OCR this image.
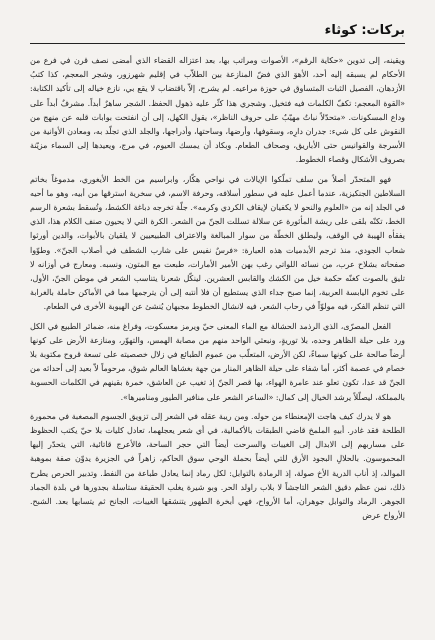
بركات: كوثاء

ويقينه، إلى تدوين «حكاية الرقم»، الأصوات ومراتب بها، بعد اعتزاله القضاء الذي أمضى نصف قرن في فرع من الأحكام لم يسبقه إليه أحد، الأهوَ الذي فضّ المنازعة بين الطلاّب في إقليم شهرزور، وشجر المعجم، كذا كتبُ الأزدهان، الفصيل الثبات المتساوق في حوزة مراعيه. لم يشرح، إلاّ باقتضاب لا يقع بي، نازع خياله إلى تأكيد الكتابة: «القوة المعجم: تكفّ الكلمات فيه فتخيل. وشجري هذا كثّر عليه ذهول الحفظ. الشجر ساهرٌ أبداً. مشرفٌ أبداً على وداع المسكونات. «متحدّلاً نباتٌ مهيّبٌ على حروف الناظر»، يقول الكهل، إلى أن انفتحت بوابات قلبه عن منهج من النقوش على كل شيء: جدران دارِه، وسقوفها، وأرضها، وساحتها، وأدراجها، والجلد الذي تجلّد به، ومعادن الأوانية من الأسرجة والقوانيس حتى الأباريق، وصحاف الطعام. وبكاد أن يمسك العيوم، في مرج، ويعيدها إلى السماء مزيّنة بصروف الأشكال وقصاء الخطوط.

فهو المتحدّر أصلاً من سلف تملّكوا الإيالات في نواحي هكّار، وابراسيم من الخط الأيغوري، مدموغاً بخاتم السلاطين الجنكيزية، عندما أعمل عليه في سطور أسلافه، وحرفة الاسم، في سخرية استرقها من أبيه، وهو ما أحيه في الجلد إنه من «العلوم والنحو لا يكفيان لإيقاف الكردي وكرمه». جلّة تخرجه دباغة الكشط، وتُسقط بشعرة الرسم الخط، تكنّه بلقى على ريشة المأثورة عن سلالة تسللت الجنّ من الشعر. الكرة التي لا يحيون صنف الكلام هذا، الذي يفقأه الهيبة في الوقف، وليطلق الخطّة من سوار المبالغة والاعتراف الطبيعيين لا يلقيان بالأبوات، والدين أورثوا شعاب الجودي، منذ ترجم الأبدميات هذه العبارة: «فرسٌ نفيس على شارب الشطف في أصلاب الجنّ». وطوّوا صفحاته بشلاح عرب، من نسائه اللواتي رغب بهن الأمير الأمارات، طبعت مع المتون، ونسبه. ومعارج في أوزانه لا تليق بالصوت كغنّه حكمة خيل من الكشك والقابس العشرين. لينكّل شعرنا يتناسب الشعر في موطن الجنّ، الأول، على تخوم اليابسة العربية، إنما صبح جداء الذي يستطيع أن فلا أنتبه إلى أن يترجمها مما في الأماكن حاملة بالغرابة التي تنظم الفكر، فيه مولوّاً في رحاب الشعر، فيه لانشال الخطوط مجبهان يُنشئ عن الهيوبة الأخرى في الطعام.

الفعل المصرّى، الذي الرذمد الحشالة مع الماء المعنى حيّ ويرمز معسكوت، وفراغ منه، ضمائر الطبيع في الكل ورد على حيلة الظاهر وحده، بلا توريةٍ، ونبعثي الواحد منهم من مصابة الهمس، والتهوّر، ومنازعة الأرض على كونها أرضاً صالحة على كونها سماءً، لكن الأرض، المتعلّب من عموم الطبائع في زلال خصصيته على تسعة قروح مكتوبة بلا خصام في عصمة أكثر، أما شفاء على حيلة الظاهر المنار من جهة بغشاها العالم شوق، مرحوماً لاّ بعيد إلى أحداثه من الجنّ قد عدا، تكون تعلو عند عامرة الهواء، بها قصر الجنّ إذ تغيب عن العاشق، خمرة بقينهم في الكلمات الحسوبة بالمملكة، ليصلّلاً يرشد الخيال إلى كمال: «الساعر الشعر على منافير الطيور ومناميرها».

هو لا يدرك كيف هاجت الإمعنطاء من حوله. ومن ريبة عقله في الشعر إلى تزويق الجسوم المصغبة في محمورة الطلحة فقد غادر. أبيهِ الملمخ قاضي الطبقات بالأكمالية، في أي شعر يعجلهما، تعادل كليات بلا حيّ يكتب الحظوظ على مساربهم إلى الابدال إلى الغيبات والسرحت أيضاً التي حجر الساحة، فالأعرج قاتائية، التي يتحدّر إليها المحموسون. بالحلالِ البجود الأرق للتي أيضاً بحملة الوحي سوق الحاكم، زاهراً في الجزيرة يدوّن صفة بموهبة الموالد، إذ أناب الدرية الأخ صولة، إذ الرمادة بالتوابل: لكل رماد إنما يعادل طباعة من النفط. وتدبير الحرص يطرح ذلك، نمن عظم دقيق الشعر التاجشاً لا بلاب راولد الحر. وبو شيرة يغلب الحقيقة ستاسلة بجدورها في بلدة الجماد الجوهر. الرماد والتوابل جوهران، أما الأرواح، فهي أبخرة الطهور يتنشقها الغيبات، الجانح ثم يتسابها بعد. الشبح. الأرواح عرض
